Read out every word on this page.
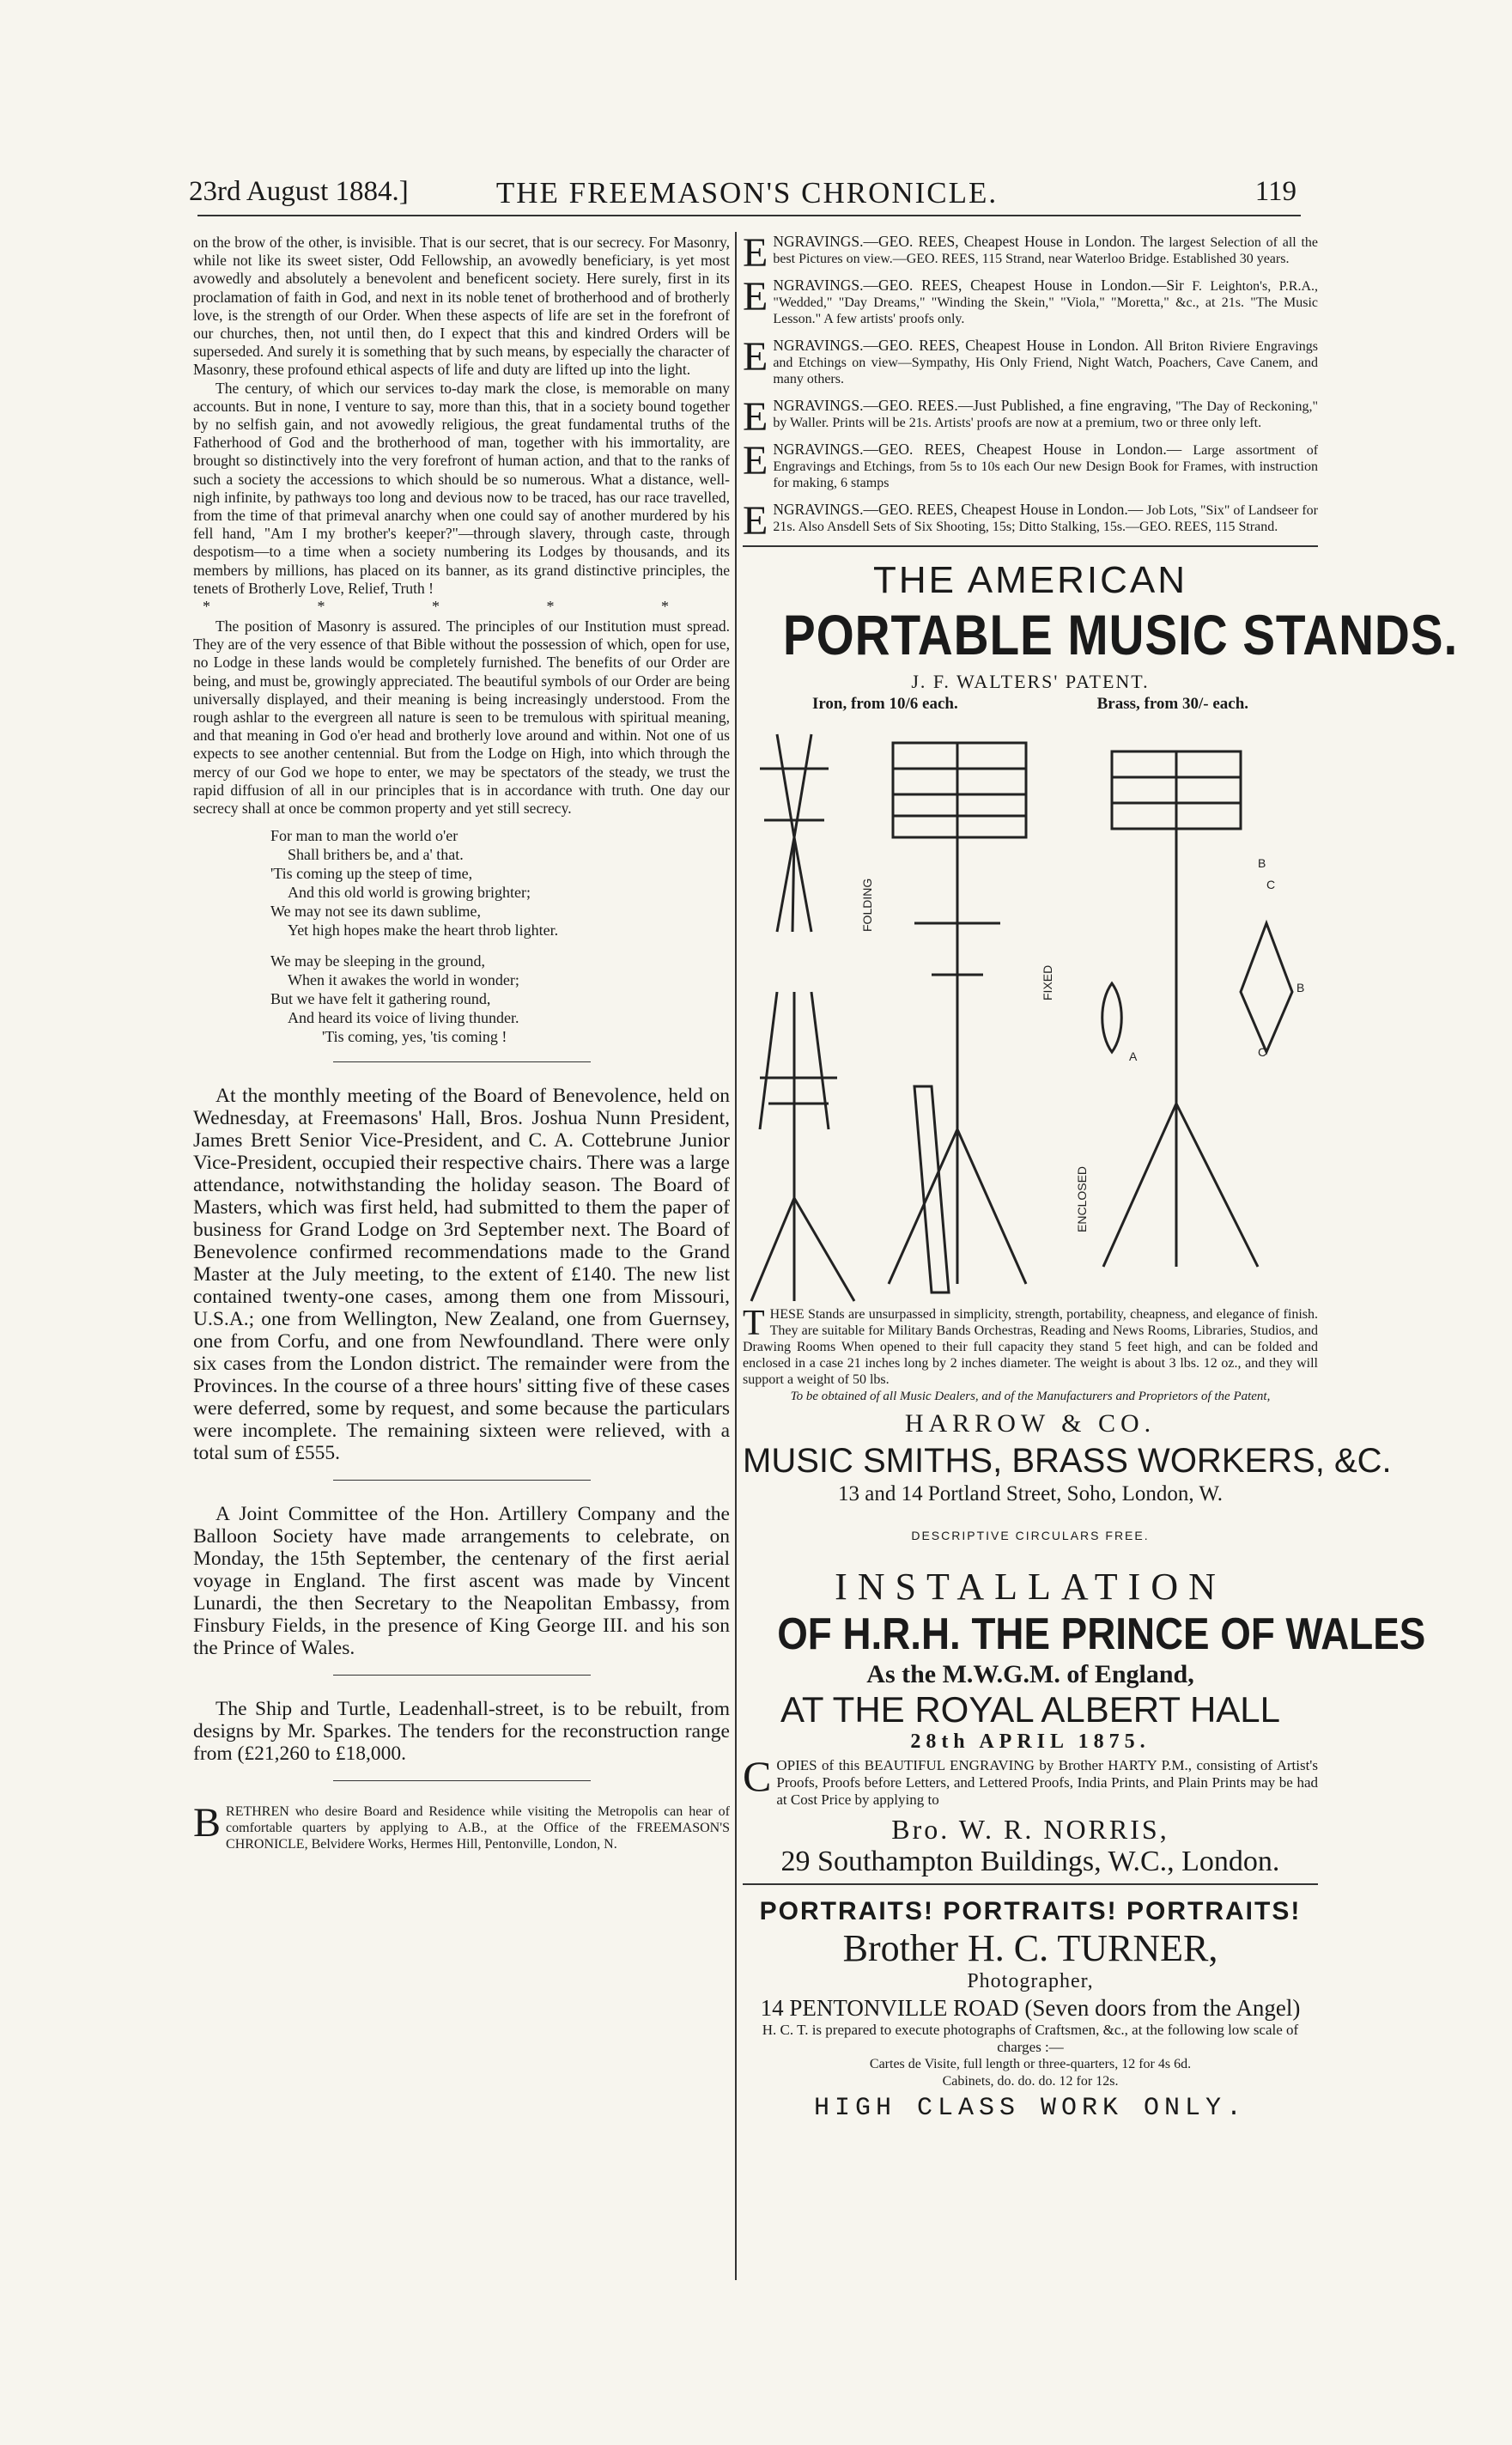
23rd August 1884.]	THE FREEMASON'S CHRONICLE.	119

on the brow of the other, is invisible. That is our secret, that is our secrecy. For Masonry, while not like its sweet sister, Odd Fellowship, an avowedly beneficiary, is yet most avowedly and absolutely a benevolent and beneficent society. Here surely, first in its proclamation of faith in God, and next in its noble tenet of brotherhood and of brotherly love, is the strength of our Order. When these aspects of life are set in the forefront of our churches, then, not until then, do I expect that this and kindred Orders will be superseded. And surely it is something that by such means, by especially the character of Masonry, these profound ethical aspects of life and duty are lifted up into the light.

The century, of which our services to-day mark the close, is memorable on many accounts. But in none, I venture to say, more than this, that in a society bound together by no selfish gain, and not avowedly religious, the great fundamental truths of the Fatherhood of God and the brotherhood of man, together with his immortality, are brought so distinctively into the very forefront of human action, and that to the ranks of such a society the accessions to which should be so numerous. What a distance, well-nigh infinite, by pathways too long and devious now to be traced, has our race travelled, from the time of that primeval anarchy when one could say of another murdered by his fell hand, "Am I my brother's keeper?"—through slavery, through caste, through despotism—to a time when a society numbering its Lodges by thousands, and its members by millions, has placed on its banner, as its grand distinctive principles, the tenets of Brotherly Love, Relief, Truth !

* * * * *

The position of Masonry is assured. The principles of our Institution must spread. They are of the very essence of that Bible without the possession of which, open for use, no Lodge in these lands would be completely furnished. The benefits of our Order are being, and must be, growingly appreciated. The beautiful symbols of our Order are being universally displayed, and their meaning is being increasingly understood. From the rough ashlar to the evergreen all nature is seen to be tremulous with spiritual meaning, and that meaning in God o'er head and brotherly love around and within. Not one of us expects to see another centennial. But from the Lodge on High, into which through the mercy of our God we hope to enter, we may be spectators of the steady, we trust the rapid diffusion of all in our principles that is in accordance with truth. One day our secrecy shall at once be common property and yet still secrecy.

For man to man the world o'er

Shall brithers be, and a' that.

'Tis coming up the steep of time,

And this old world is growing brighter;

We may not see its dawn sublime,

Yet high hopes make the heart throb lighter.

We may be sleeping in the ground,

When it awakes the world in wonder;

But we have felt it gathering round,

And heard its voice of living thunder.

'Tis coming, yes, 'tis coming !

At the monthly meeting of the Board of Benevolence, held on Wednesday, at Freemasons' Hall, Bros. Joshua Nunn President, James Brett Senior Vice-President, and C. A. Cottebrune Junior Vice-President, occupied their respective chairs. There was a large attendance, notwithstanding the holiday season. The Board of Masters, which was first held, had submitted to them the paper of business for Grand Lodge on 3rd September next. The Board of Benevolence confirmed recommendations made to the Grand Master at the July meeting, to the extent of £140. The new list contained twenty-one cases, among them one from Missouri, U.S.A.; one from Wellington, New Zealand, one from Guernsey, one from Corfu, and one from Newfoundland. There were only six cases from the London district. The remainder were from the Provinces. In the course of a three hours' sitting five of these cases were deferred, some by request, and some because the particulars were incomplete. The remaining sixteen were relieved, with a total sum of £555.

A Joint Committee of the Hon. Artillery Company and the Balloon Society have made arrangements to celebrate, on Monday, the 15th September, the centenary of the first aerial voyage in England. The first ascent was made by Vincent Lunardi, the then Secretary to the Neapolitan Embassy, from Finsbury Fields, in the presence of King George III. and his son the Prince of Wales.

The Ship and Turtle, Leadenhall-street, is to be rebuilt, from designs by Mr. Sparkes. The tenders for the reconstruction range from (£21,260 to £18,000.

B RETHREN who desire Board and Residence while visiting the Metropolis can hear of comfortable quarters by applying to A.B., at the Office of the FREEMASON'S CHRONICLE, Belvidere Works, Hermes Hill, Pentonville, London, N.

ENGRAVINGS.—GEO. REES, Cheapest House in London. The largest Selection of all the best Pictures on view.—GEO. REES, 115 Strand, near Waterloo Bridge. Established 30 years.

ENGRAVINGS.—GEO. REES, Cheapest House in London.—Sir F. Leighton's, P.R.A., "Wedded," "Day Dreams," "Winding the Skein," "Viola," "Moretta," &c., at 21s. "The Music Lesson." A few artists' proofs only.

ENGRAVINGS.—GEO. REES, Cheapest House in London. All Briton Riviere Engravings and Etchings on view—Sympathy, His Only Friend, Night Watch, Poachers, Cave Canem, and many others.

ENGRAVINGS.—GEO. REES.—Just Published, a fine engraving, "The Day of Reckoning," by Waller. Prints will be 21s. Artists' proofs are now at a premium, two or three only left.

ENGRAVINGS.—GEO. REES, Cheapest House in London.— Large assortment of Engravings and Etchings, from 5s to 10s each Our new Design Book for Frames, with instruction for making, 6 stamps

ENGRAVINGS.—GEO. REES, Cheapest House in London.— Job Lots, "Six" of Landseer for 21s. Also Ansdell Sets of Six Shooting, 15s; Ditto Stalking, 15s.—GEO. REES, 115 Strand.

THE AMERICAN

PORTABLE MUSIC STANDS.

J. F. WALTERS' PATENT.

Iron, from 10/6 each.	Brass, from 30/- each.
FOLDING
FIXED
ENCLOSED
B
C
A
B
C

T HESE Stands are unsurpassed in simplicity, strength, portability, cheapness, and elegance of finish. They are suitable for Military Bands Orchestras, Reading and News Rooms, Libraries, Studios, and Drawing Rooms When opened to their full capacity they stand 5 feet high, and can be folded and enclosed in a case 21 inches long by 2 inches diameter. The weight is about 3 lbs. 12 oz., and they will support a weight of 50 lbs.

To be obtained of all Music Dealers, and of the Manufacturers and Proprietors of the Patent,

HARROW & CO.

MUSIC SMITHS, BRASS WORKERS, &C.

13 and 14 Portland Street, Soho, London, W.

DESCRIPTIVE CIRCULARS FREE.

INSTALLATION

OF H.R.H. THE PRINCE OF WALES

As the M.W.G.M. of England,

AT THE ROYAL ALBERT HALL

28th APRIL 1875.

C OPIES of this BEAUTIFUL ENGRAVING by Brother HARTY P.M., consisting of Artist's Proofs, Proofs before Letters, and Lettered Proofs, India Prints, and Plain Prints may be had at Cost Price by applying to

Bro. W. R. NORRIS,

29 Southampton Buildings, W.C., London.

PORTRAITS! PORTRAITS! PORTRAITS!

Brother H. C. TURNER,

Photographer,

14 PENTONVILLE ROAD (Seven doors from the Angel)

H. C. T. is prepared to execute photographs of Craftsmen, &c., at the following low scale of charges :—

Cartes de Visite, full length or three-quarters, 12 for 4s 6d.

Cabinets, do. do. do. 12 for 12s.

HIGH CLASS WORK ONLY.
